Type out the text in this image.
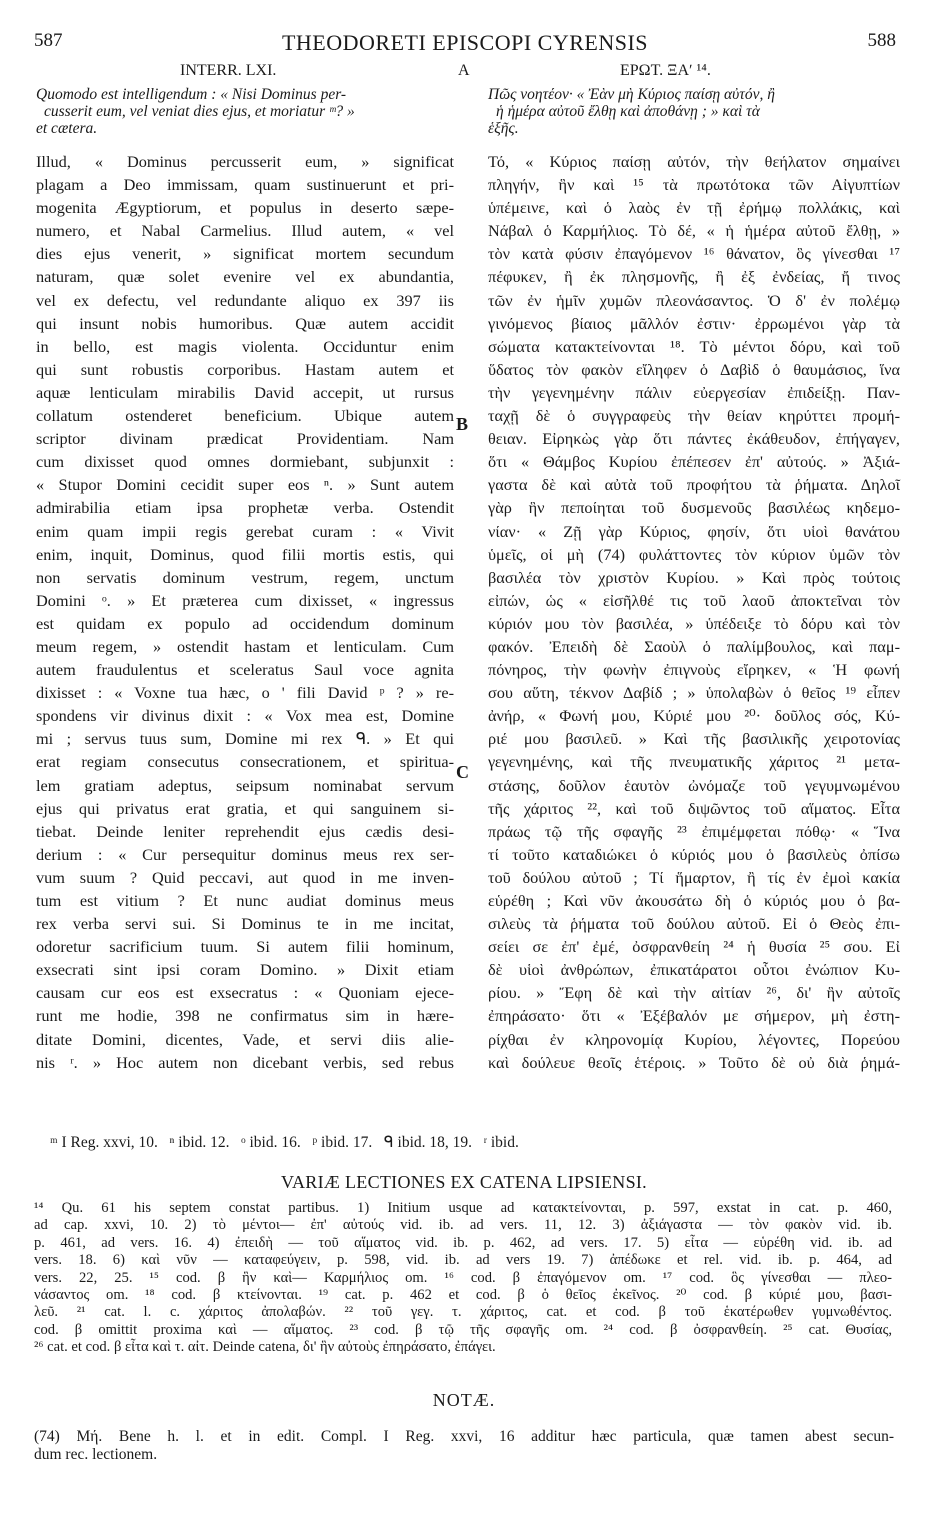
587	THEODORETI EPISCOPI CYRENSIS	588
INTERR. LXI.	A	ΕΡΩΤ. ΞΑʹ ¹⁴.
Quomodo est intelligendum : « Nisi Dominus per-
cusserit eum, vel veniat dies ejus, et moriatur ᵐ? »
et cætera.
Πῶς νοητέον· « Ἐὰν μὴ Κύριος παίσῃ αὐτόν, ἢ
ἡ ἡμέρα αὐτοῦ ἔλθῃ καὶ ἀποθάνῃ ; » καὶ τὰ
ἑξῆς.
Illud, « Dominus percusserit eum, » significat
plagam a Deo immissam, quam sustinuerunt et pri-
mogenita Ægyptiorum, et populus in deserto sæpe-
numero, et Nabal Carmelius. Illud autem, « vel
dies ejus venerit, » significat mortem secundum
naturam, quæ solet evenire vel ex abundantia,
vel ex defectu, vel redundante aliquo ex 397 iis
qui insunt nobis humoribus. Quæ autem accidit
in bello, est magis violenta. Occiduntur enim
qui sunt robustis corporibus. Hastam autem et
aquæ lenticulam mirabilis David accepit, ut rursus
collatum ostenderet beneficium. Ubique autem
scriptor divinam prædicat Providentiam. Nam
cum dixisset quod omnes dormiebant, subjunxit :
« Stupor Domini cecidit super eos ⁿ. » Sunt autem
admirabilia etiam ipsa prophetæ verba. Ostendit
enim quam impii regis gerebat curam : « Vivit
enim, inquit, Dominus, quod filii mortis estis, qui
non servatis dominum vestrum, regem, unctum
Domini ᵒ. » Et præterea cum dixisset, « ingressus
est quidam ex populo ad occidendum dominum
meum regem, » ostendit hastam et lenticulam. Cum
autem fraudulentus et sceleratus Saul voce agnita
dixisset : « Voxne tua hæc, o ' fili David ᵖ ? » re-
spondens vir divinus dixit : « Vox mea est, Domine
mi ; servus tuus sum, Domine mi rex ᑫ. » Et qui
erat regiam consecutus consecrationem, et spiritua-
lem gratiam adeptus, seipsum nominabat servum
ejus qui privatus erat gratia, et qui sanguinem si-
tiebat. Deinde leniter reprehendit ejus cædis desi-
derium : « Cur persequitur dominus meus rex ser-
vum suum ? Quid peccavi, aut quod in me inven-
tum est vitium ? Et nunc audiat dominus meus
rex verba servi sui. Si Dominus te in me incitat,
odoretur sacrificium tuum. Si autem filii hominum,
exsecrati sint ipsi coram Domino. » Dixit etiam
causam cur eos est exsecratus : « Quoniam ejece-
runt me hodie, 398 ne confirmatus sim in hære-
ditate Domini, dicentes, Vade, et servi diis alie-
nis ʳ. » Hoc autem non dicebant verbis, sed rebus
B
C
Τό, « Κύριος παίσῃ αὐτόν, τὴν θεήλατον σημαίνει
πληγήν, ἣν καὶ ¹⁵ τὰ πρωτότοκα τῶν Αἰγυπτίων
ὑπέμεινε, καὶ ὁ λαὸς ἐν τῇ ἐρήμῳ πολλάκις, καὶ
Νάβαλ ὁ Καρμήλιος. Τὸ δέ, « ἡ ἡμέρα αὐτοῦ ἔλθῃ, »
τὸν κατὰ φύσιν ἐπαγόμενον ¹⁶ θάνατον, ὃς γίνεσθαι ¹⁷
πέφυκεν, ἢ ἐκ πλησμονῆς, ἢ ἐξ ἐνδείας, ἤ τινος
τῶν ἐν ἡμῖν χυμῶν πλεονάσαντος. Ὁ δ' ἐν πολέμῳ
γινόμενος βίαιος μᾶλλόν ἐστιν· ἐρρωμένοι γὰρ τὰ
σώματα κατακτείνονται ¹⁸. Τὸ μέντοι δόρυ, καὶ τοῦ
ὕδατος τὸν φακὸν εἴληφεν ὁ Δαβὶδ ὁ θαυμάσιος, ἵνα
τὴν γεγενημένην πάλιν εὐεργεσίαν ἐπιδείξῃ. Παν-
ταχῇ δὲ ὁ συγγραφεὺς τὴν θείαν κηρύττει προμή-
θειαν. Εἰρηκὼς γὰρ ὅτι πάντες ἐκάθευδον, ἐπήγαγεν,
ὅτι « Θάμβος Κυρίου ἐπέπεσεν ἐπ' αὐτούς. » Ἀξιά-
γαστα δὲ καὶ αὐτὰ τοῦ προφήτου τὰ ῥήματα. Δηλοῖ
γὰρ ἣν πεποίηται τοῦ δυσμενοῦς βασιλέως κηδεμο-
νίαν· « Ζῇ γὰρ Κύριος, φησίν, ὅτι υἱοὶ θανάτου
ὑμεῖς, οἱ μὴ (74) φυλάττοντες τὸν κύριον ὑμῶν τὸν
βασιλέα τὸν χριστὸν Κυρίου. » Καὶ πρὸς τούτοις
εἰπών, ὡς « εἰσῆλθέ τις τοῦ λαοῦ ἀποκτεῖναι τὸν
κύριόν μου τὸν βασιλέα, » ὑπέδειξε τὸ δόρυ καὶ τὸν
φακόν. Ἐπειδὴ δὲ Σαοὺλ ὁ παλίμβουλος, καὶ παμ-
πόνηρος, τὴν φωνὴν ἐπιγνοὺς εἴρηκεν, « Ἡ φωνή
σου αὕτη, τέκνον Δαβίδ ; » ὑπολαβὼν ὁ θεῖος ¹⁹ εἶπεν
ἀνήρ, « Φωνή μου, Κύριέ μου ²⁰· δοῦλος σός, Κύ-
ριέ μου βασιλεῦ. » Καὶ τῆς βασιλικῆς χειροτονίας
γεγενημένης, καὶ τῆς πνευματικῆς χάριτος ²¹ μετα-
στάσης, δοῦλον ἑαυτὸν ὠνόμαζε τοῦ γεγυμνωμένου
τῆς χάριτος ²², καὶ τοῦ διψῶντος τοῦ αἵματος. Εἶτα
πράως τῷ τῆς σφαγῆς ²³ ἐπιμέμφεται πόθῳ· « Ἵνα
τί τοῦτο καταδιώκει ὁ κύριός μου ὁ βασιλεὺς ὀπίσω
τοῦ δούλου αὐτοῦ ; Τί ἥμαρτον, ἢ τίς ἐν ἐμοὶ κακία
εὑρέθη ; Καὶ νῦν ἀκουσάτω δὴ ὁ κύριός μου ὁ βα-
σιλεὺς τὰ ῥήματα τοῦ δούλου αὐτοῦ. Εἰ ὁ Θεὸς ἐπι-
σείει σε ἐπ' ἐμέ, ὀσφρανθείη ²⁴ ἡ θυσία ²⁵ σου. Εἰ
δὲ υἱοὶ ἀνθρώπων, ἐπικατάρατοι οὗτοι ἐνώπιον Κυ-
ρίου. » Ἔφη δὲ καὶ τὴν αἰτίαν ²⁶, δι' ἣν αὐτοῖς
ἐπηράσατο· ὅτι « Ἐξέβαλόν με σήμερον, μὴ ἐστη-
ρίχθαι ἐν κληρονομίᾳ Κυρίου, λέγοντες, Πορεύου
καὶ δούλευε θεοῖς ἑτέροις. » Τοῦτο δὲ οὐ διὰ ῥημά-
ᵐ I Reg. xxvi, 10.   ⁿ ibid. 12.   ᵒ ibid. 16.   ᵖ ibid. 17.   ᑫ ibid. 18, 19.   ʳ ibid.
VARIÆ LECTIONES EX CATENA LIPSIENSI.
¹⁴ Qu. 61 his septem constat partibus. 1) Initium usque ad κατακτείνονται, p. 597, exstat in cat. p. 460,
ad cap. xxvi, 10. 2) τὸ μέντοι— ἐπ' αὐτούς vid. ib. ad vers. 11, 12. 3) ἀξιάγαστα — τὸν φακὸν vid. ib.
p. 461, ad vers. 16. 4) ἐπειδὴ — τοῦ αἵματος vid. ib. p. 462, ad vers. 17. 5) εἶτα — εὑρέθη vid. ib. ad
vers. 18. 6) καὶ νῦν — καταφεύγειν, p. 598, vid. ib. ad vers 19. 7) ἀπέδωκε et rel. vid. ib. p. 464, ad
vers. 22, 25. ¹⁵ cod. β ἣν καὶ— Καρμήλιος om. ¹⁶ cod. β ἐπαγόμενον om. ¹⁷ cod. ὃς γίνεσθαι — πλεο-
νάσαντος om. ¹⁸ cod. β κτείνονται. ¹⁹ cat. p. 462 et cod. β ὁ θεῖος ἐκεῖνος. ²⁰ cod. β κύριέ μου, βασι-
λεῦ. ²¹ cat. l. c. χάριτος ἀπολαβών. ²² τοῦ γεγ. τ. χάριτος, cat. et cod. β τοῦ ἑκατέρωθεν γυμνωθέντος.
cod. β omittit proxima καὶ — αἵματος. ²³ cod. β τῷ τῆς σφαγῆς om. ²⁴ cod. β ὀσφρανθείη. ²⁵ cat. Θυσίας,
²⁶ cat. et cod. β εἶτα καὶ τ. αἰτ. Deinde catena, δι' ἣν αὐτοὺς ἐπηράσατο, ἐπάγει.
NOTÆ.
(74) Μή. Bene h. l. et in edit. Compl. I Reg. xxvi, 16 additur hæc particula, quæ tamen abest secun-
dum rec. lectionem.
